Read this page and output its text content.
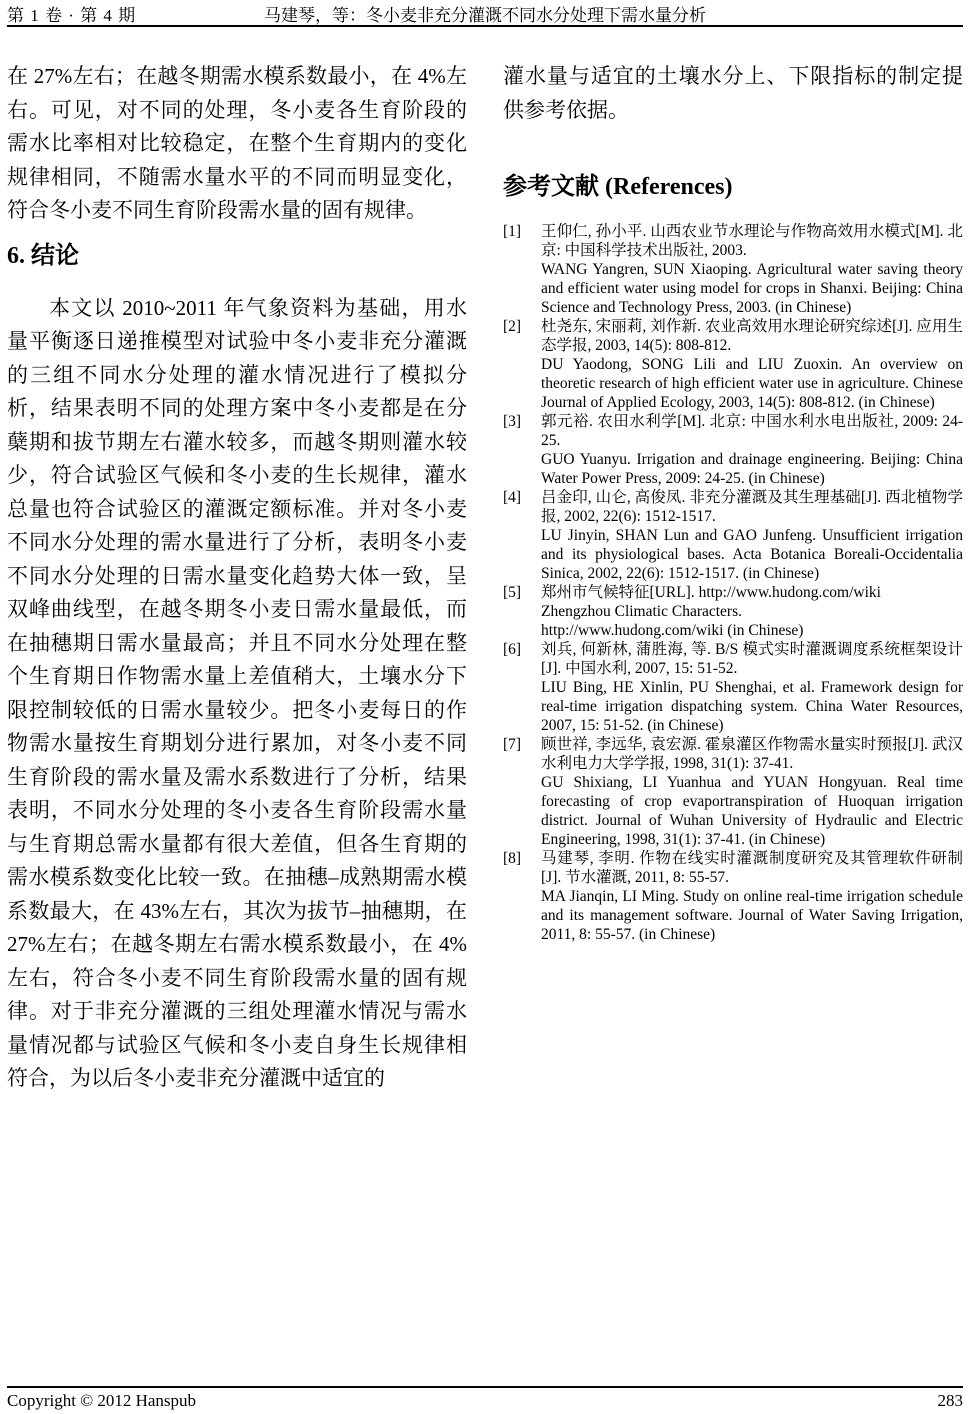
第 1 卷 · 第 4 期	马建琴，等：冬小麦非充分灌溉不同水分处理下需水量分析

在 27%左右；在越冬期需水模系数最小，在 4%左右。可见，对不同的处理，冬小麦各生育阶段的需水比率相对比较稳定，在整个生育期内的变化规律相同，不随需水量水平的不同而明显变化，符合冬小麦不同生育阶段需水量的固有规律。

6. 结论

本文以 2010~2011 年气象资料为基础，用水量平衡逐日递推模型对试验中冬小麦非充分灌溉的三组不同水分处理的灌水情况进行了模拟分析，结果表明不同的处理方案中冬小麦都是在分蘖期和拔节期左右灌水较多，而越冬期则灌水较少，符合试验区气候和冬小麦的生长规律，灌水总量也符合试验区的灌溉定额标准。并对冬小麦不同水分处理的需水量进行了分析，表明冬小麦不同水分处理的日需水量变化趋势大体一致，呈双峰曲线型，在越冬期冬小麦日需水量最低，而在抽穗期日需水量最高；并且不同水分处理在整个生育期日作物需水量上差值稍大，土壤水分下限控制较低的日需水量较少。把冬小麦每日的作物需水量按生育期划分进行累加，对冬小麦不同生育阶段的需水量及需水系数进行了分析，结果表明，不同水分处理的冬小麦各生育阶段需水量与生育期总需水量都有很大差值，但各生育期的需水模系数变化比较一致。在抽穗–成熟期需水模系数最大，在 43%左右，其次为拔节–抽穗期，在 27%左右；在越冬期左右需水模系数最小，在 4%左右，符合冬小麦不同生育阶段需水量的固有规律。对于非充分灌溉的三组处理灌水情况与需水量情况都与试验区气候和冬小麦自身生长规律相符合，为以后冬小麦非充分灌溉中适宜的

灌水量与适宜的土壤水分上、下限指标的制定提供参考依据。

参考文献 (References)
[1]	王仰仁, 孙小平. 山西农业节水理论与作物高效用水模式[M]. 北京: 中国科学技术出版社, 2003.
WANG Yangren, SUN Xiaoping. Agricultural water saving theory and efficient water using model for crops in Shanxi. Beijing: China Science and Technology Press, 2003. (in Chinese)
[2]	杜尧东, 宋丽莉, 刘作新. 农业高效用水理论研究综述[J]. 应用生态学报, 2003, 14(5): 808-812.
DU Yaodong, SONG Lili and LIU Zuoxin. An overview on theoretic research of high efficient water use in agriculture. Chinese Journal of Applied Ecology, 2003, 14(5): 808-812. (in Chinese)
[3]	郭元裕. 农田水利学[M]. 北京: 中国水利水电出版社, 2009: 24-25.
GUO Yuanyu. Irrigation and drainage engineering. Beijing: China Water Power Press, 2009: 24-25. (in Chinese)
[4]	吕金印, 山仑, 高俊凤. 非充分灌溉及其生理基础[J]. 西北植物学报, 2002, 22(6): 1512-1517.
LU Jinyin, SHAN Lun and GAO Junfeng. Unsufficient irrigation and its physiological bases. Acta Botanica Boreali-Occidentalia Sinica, 2002, 22(6): 1512-1517. (in Chinese)
[5]	郑州市气候特征[URL]. http://www.hudong.com/wiki
Zhengzhou Climatic Characters.
http://www.hudong.com/wiki (in Chinese)
[6]	刘兵, 何新林, 蒲胜海, 等. B/S 模式实时灌溉调度系统框架设计[J]. 中国水利, 2007, 15: 51-52.
LIU Bing, HE Xinlin, PU Shenghai, et al. Framework design for real-time irrigation dispatching system. China Water Resources, 2007, 15: 51-52. (in Chinese)
[7]	顾世祥, 李远华, 袁宏源. 霍泉灌区作物需水量实时预报[J]. 武汉水利电力大学学报, 1998, 31(1): 37-41.
GU Shixiang, LI Yuanhua and YUAN Hongyuan. Real time forecasting of crop evaportranspiration of Huoquan irrigation district. Journal of Wuhan University of Hydraulic and Electric Engineering, 1998, 31(1): 37-41. (in Chinese)
[8]	马建琴, 李明. 作物在线实时灌溉制度研究及其管理软件研制[J]. 节水灌溉, 2011, 8: 55-57.
MA Jianqin, LI Ming. Study on online real-time irrigation schedule and its management software. Journal of Water Saving Irrigation, 2011, 8: 55-57. (in Chinese)
Copyright © 2012 Hanspub	283
